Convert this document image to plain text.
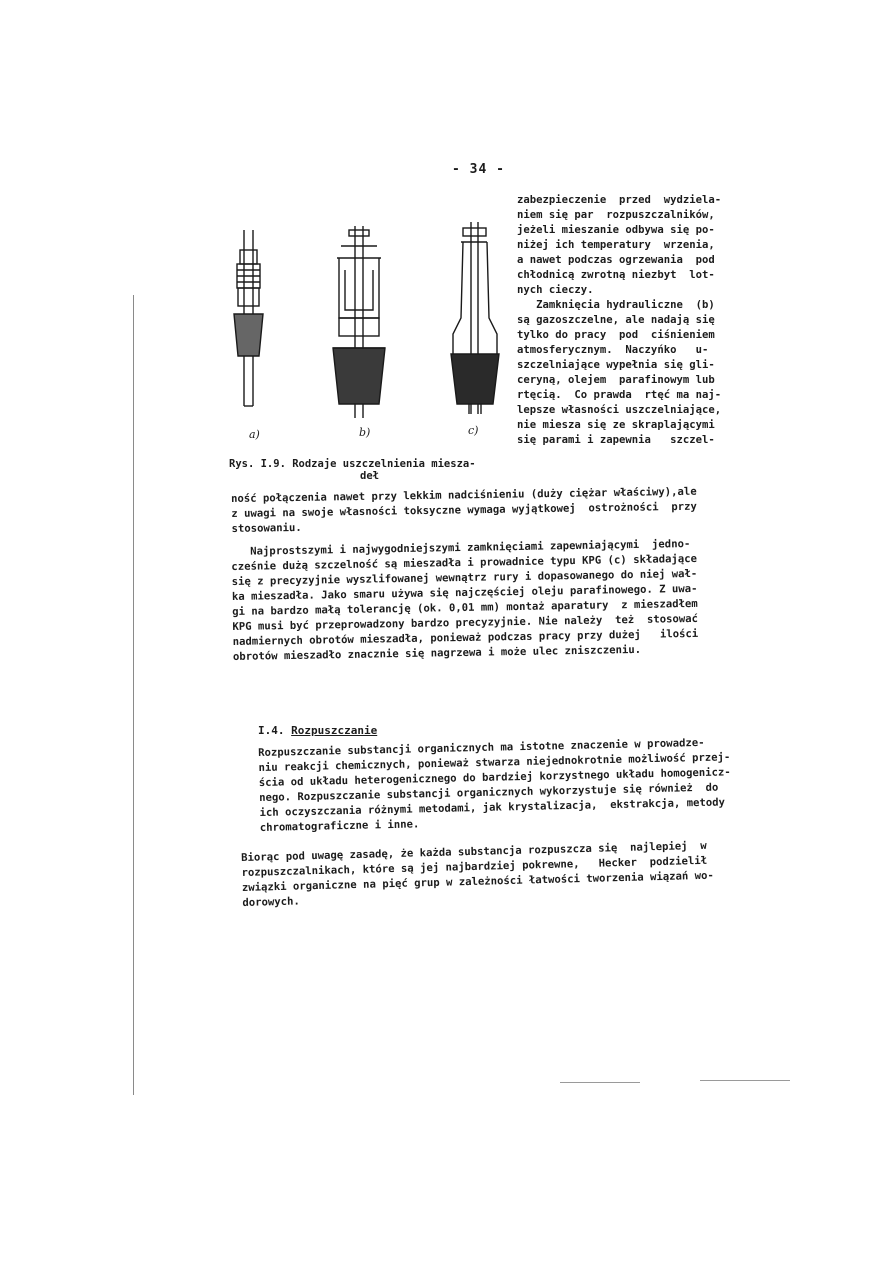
- 34 -
a)	b)	c)
Rys. I.9. Rodzaje uszczelnienia miesza-
deł
zabezpieczenie  przed  wydziela-
niem się par  rozpuszczalników,
jeżeli mieszanie odbywa się po-
niżej ich temperatury  wrzenia,
a nawet podczas ogrzewania  pod
chłodnicą zwrotną niezbyt  lot-
nych cieczy.
Zamknięcia hydrauliczne  (b)
są gazoszczelne, ale nadają się
tylko do pracy  pod  ciśnieniem
atmosferycznym.  Naczyńko   u-
szczelniające wypełnia się gli-
ceryną, olejem  parafinowym lub
rtęcią.  Co prawda  rtęć ma naj-
lepsze własności uszczelniające,
nie miesza się ze skraplającymi
się parami i zapewnia   szczel-
ność połączenia nawet przy lekkim nadciśnieniu (duży ciężar właściwy),ale
z uwagi na swoje własności toksyczne wymaga wyjątkowej  ostrożności  przy
stosowaniu.
Najprostszymi i najwygodniejszymi zamknięciami zapewniającymi  jedno-
cześnie dużą szczelność są mieszadła i prowadnice typu KPG (c) składające
się z precyzyjnie wyszlifowanej wewnątrz rury i dopasowanego do niej wał-
ka mieszadła. Jako smaru używa się najczęściej oleju parafinowego. Z uwa-
gi na bardzo małą tolerancję (ok. 0,01 mm) montaż aparatury  z mieszadłem
KPG musi być przeprowadzony bardzo precyzyjnie. Nie należy  też  stosować
nadmiernych obrotów mieszadła, ponieważ podczas pracy przy dużej   ilości
obrotów mieszadło znacznie się nagrzewa i może ulec zniszczeniu.
I.4. Rozpuszczanie
Rozpuszczanie substancji organicznych ma istotne znaczenie w prowadze-
niu reakcji chemicznych, ponieważ stwarza niejednokrotnie możliwość przej-
ścia od układu heterogenicznego do bardziej korzystnego układu homogenicz-
nego. Rozpuszczanie substancji organicznych wykorzystuje się również  do
ich oczyszczania różnymi metodami, jak krystalizacja,  ekstrakcja, metody
chromatograficzne i inne.
Biorąc pod uwagę zasadę, że każda substancja rozpuszcza się  najlepiej  w
rozpuszczalnikach, które są jej najbardziej pokrewne,   Hecker  podzielił
związki organiczne na pięć grup w zależności łatwości tworzenia wiązań wo-
dorowych.
